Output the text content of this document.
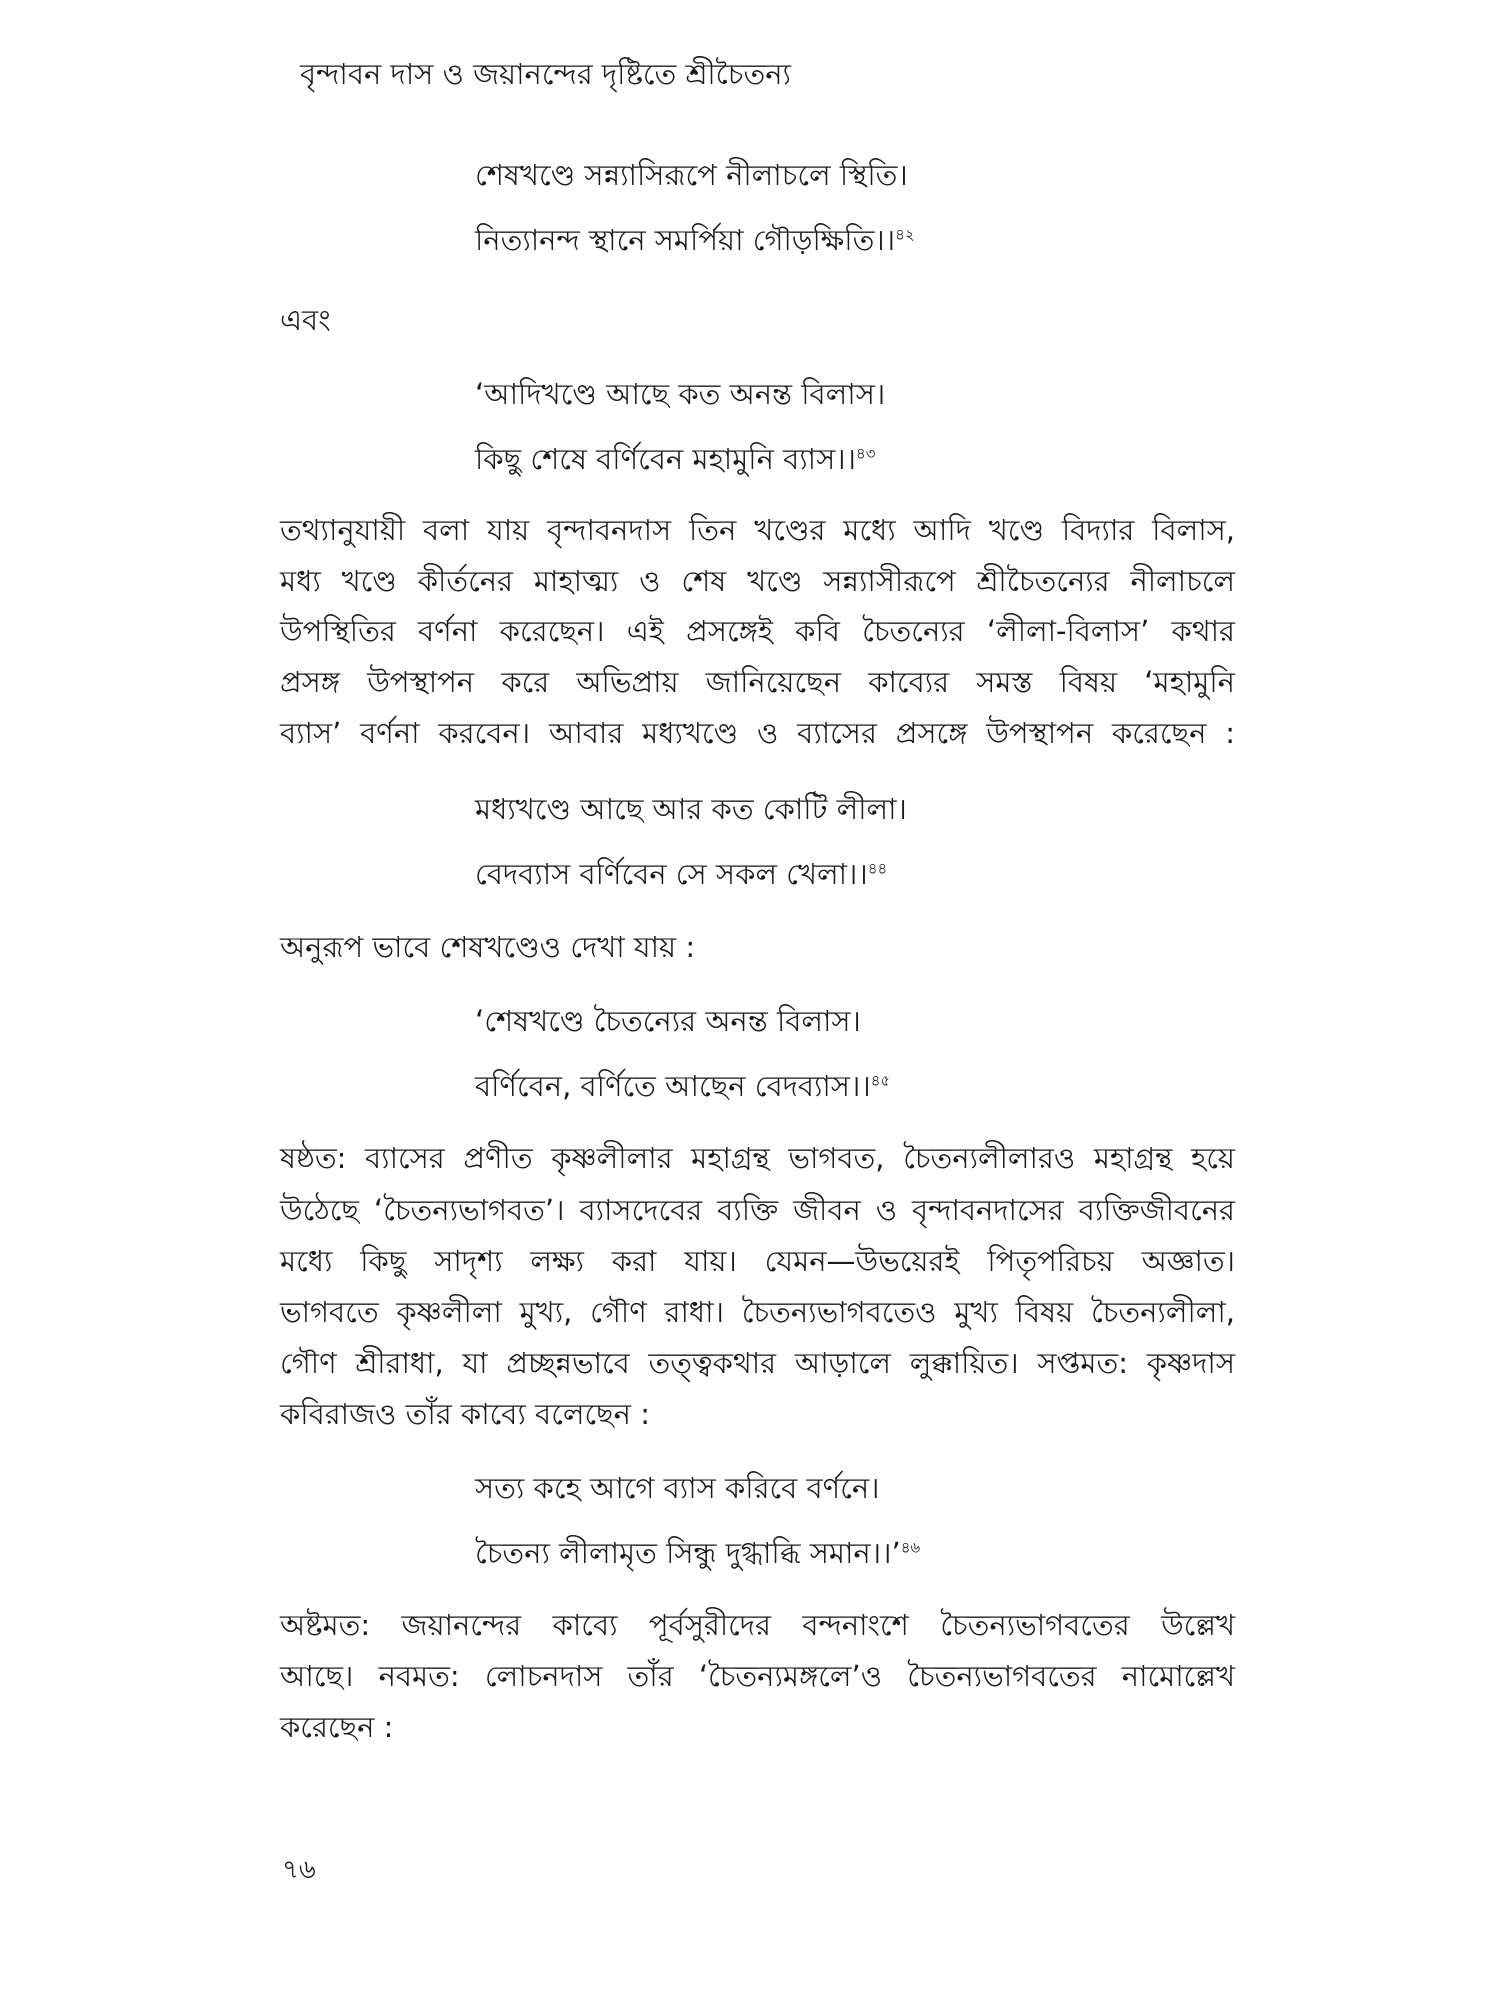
বৃন্দাবন দাস ও জয়ানন্দের দৃষ্টিতে শ্রীচৈতন্য
শেষখণ্ডে সন্ন্যাসিরূপে নীলাচলে স্থিতি।
নিত্যানন্দ স্থানে সমর্পিয়া গৌড়ক্ষিতি।।$^{৪২}$
এবং
‘আদিখণ্ডে আছে কত অনন্ত বিলাস।
কিছু শেষে বর্ণিবেন মহামুনি ব্যাস।।$^{৪৩}$
তথ্যানুযায়ী বলা যায় বৃন্দাবনদাস তিন খণ্ডের মধ্যে আদি খণ্ডে বিদ্যার বিলাস,
মধ্য খণ্ডে কীর্তনের মাহাত্ম্য ও শেষ খণ্ডে সন্ন্যাসীরূপে শ্রীচৈতন্যের নীলাচলে
উপস্থিতির বর্ণনা করেছেন। এই প্রসঙ্গেই কবি চৈতন্যের ‘লীলা-বিলাস’ কথার
প্রসঙ্গ উপস্থাপন করে অভিপ্রায় জানিয়েছেন কাব্যের সমস্ত বিষয় ‘মহামুনি
ব্যাস’ বর্ণনা করবেন। আবার মধ্যখণ্ডে ও ব্যাসের প্রসঙ্গে উপস্থাপন করেছেন :
মধ্যখণ্ডে আছে আর কত কোটি লীলা।
বেদব্যাস বর্ণিবেন সে সকল খেলা।।$^{৪৪}$
অনুরূপ ভাবে শেষখণ্ডেও দেখা যায় :
‘শেষখণ্ডে চৈতন্যের অনন্ত বিলাস।
বর্ণিবেন, বর্ণিতে আছেন বেদব্যাস।।$^{৪৫}$
ষষ্ঠত: ব্যাসের প্রণীত কৃষ্ণলীলার মহাগ্রন্থ ভাগবত, চৈতন্যলীলারও মহাগ্রন্থ হয়ে
উঠেছে ‘চৈতন্যভাগবত’। ব্যাসদেবের ব্যক্তি জীবন ও বৃন্দাবনদাসের ব্যক্তিজীবনের
মধ্যে কিছু সাদৃশ্য লক্ষ্য করা যায়। যেমন—উভয়েরই পিতৃপরিচয় অজ্ঞাত।
ভাগবতে কৃষ্ণলীলা মুখ্য, গৌণ রাধা। চৈতন্যভাগবতেও মুখ্য বিষয় চৈতন্যলীলা,
গৌণ শ্রীরাধা, যা প্রচ্ছন্নভাবে তত্ত্বকথার আড়ালে লুক্কায়িত। সপ্তমত: কৃষ্ণদাস
কবিরাজও তাঁর কাব্যে বলেছেন :
সত্য কহে আগে ব্যাস করিবে বর্ণনে।
চৈতন্য লীলামৃত সিন্ধু দুগ্ধাব্ধি সমান।।’$^{৪৬}$
অষ্টমত: জয়ানন্দের কাব্যে পূর্বসুরীদের বন্দনাংশে চৈতন্যভাগবতের উল্লেখ
আছে। নবমত: লোচনদাস তাঁর ‘চৈতন্যমঙ্গলে’ও চৈতন্যভাগবতের নামোল্লেখ
করেছেন :
৭৬
